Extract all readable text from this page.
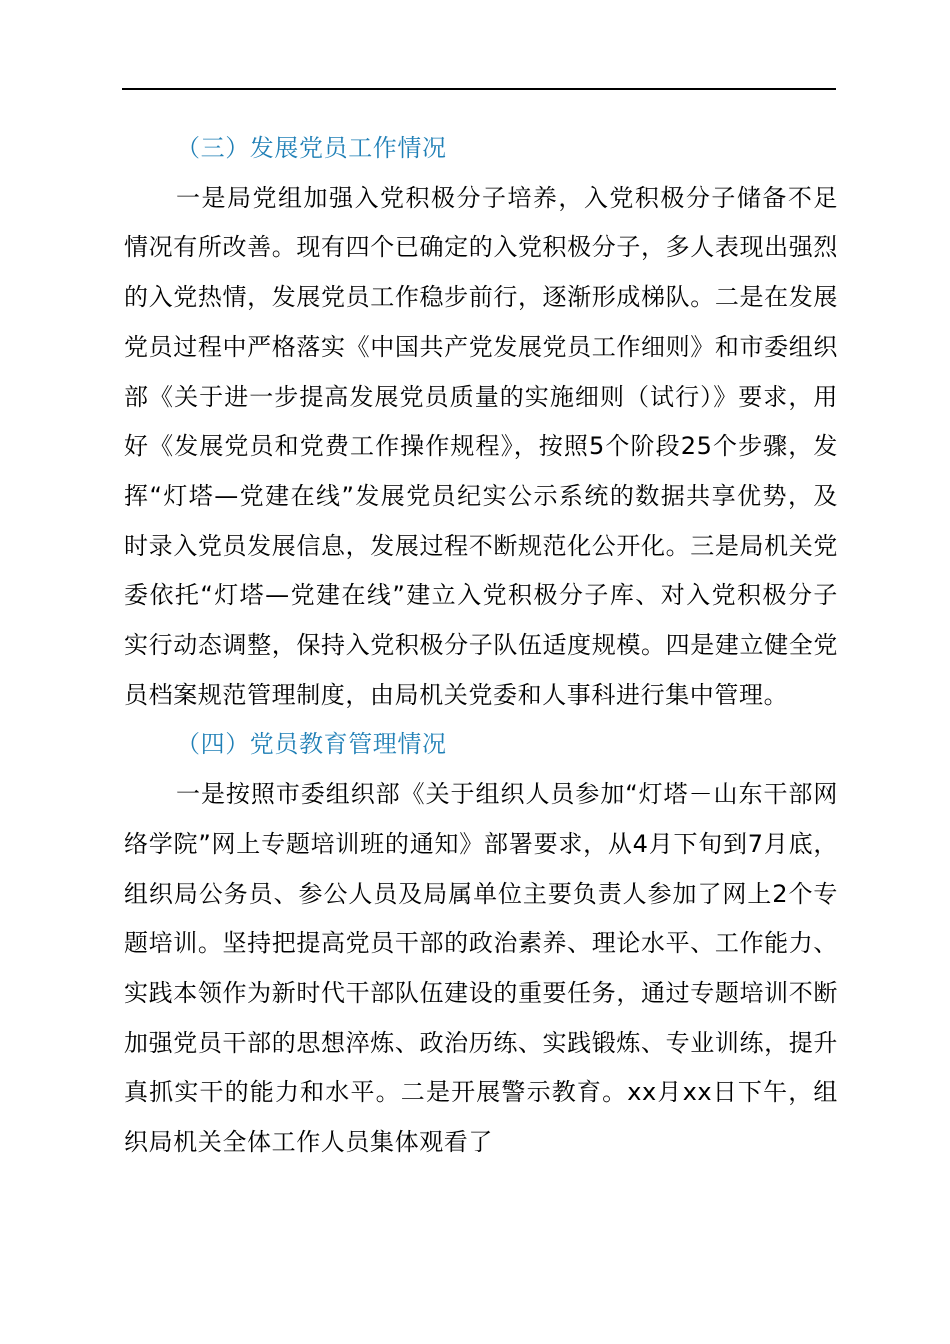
（三）发展党员工作情况

一是局党组加强入党积极分子培养，入党积极分子储备不足情况有所改善。现有四个已确定的入党积极分子，多人表现出强烈的入党热情，发展党员工作稳步前行，逐渐形成梯队。二是在发展党员过程中严格落实《中国共产党发展党员工作细则》和市委组织部《关于进一步提高发展党员质量的实施细则（试行）》要求，用好《发展党员和党费工作操作规程》，按照5个阶段25个步骤，发挥“灯塔—党建在线”发展党员纪实公示系统的数据共享优势，及时录入党员发展信息，发展过程不断规范化公开化。三是局机关党委依托“灯塔—党建在线”建立入党积极分子库、对入党积极分子实行动态调整，保持入党积极分子队伍适度规模。四是建立健全党员档案规范管理制度，由局机关党委和人事科进行集中管理。

（四）党员教育管理情况

一是按照市委组织部《关于组织人员参加“灯塔－山东干部网络学院”网上专题培训班的通知》部署要求，从4月下旬到7月底，组织局公务员、参公人员及局属单位主要负责人参加了网上2个专题培训。坚持把提高党员干部的政治素养、理论水平、工作能力、实践本领作为新时代干部队伍建设的重要任务，通过专题培训不断加强党员干部的思想淬炼、政治历练、实践锻炼、专业训练，提升真抓实干的能力和水平。二是开展警示教育。xx月xx日下午，组织局机关全体工作人员集体观看了
